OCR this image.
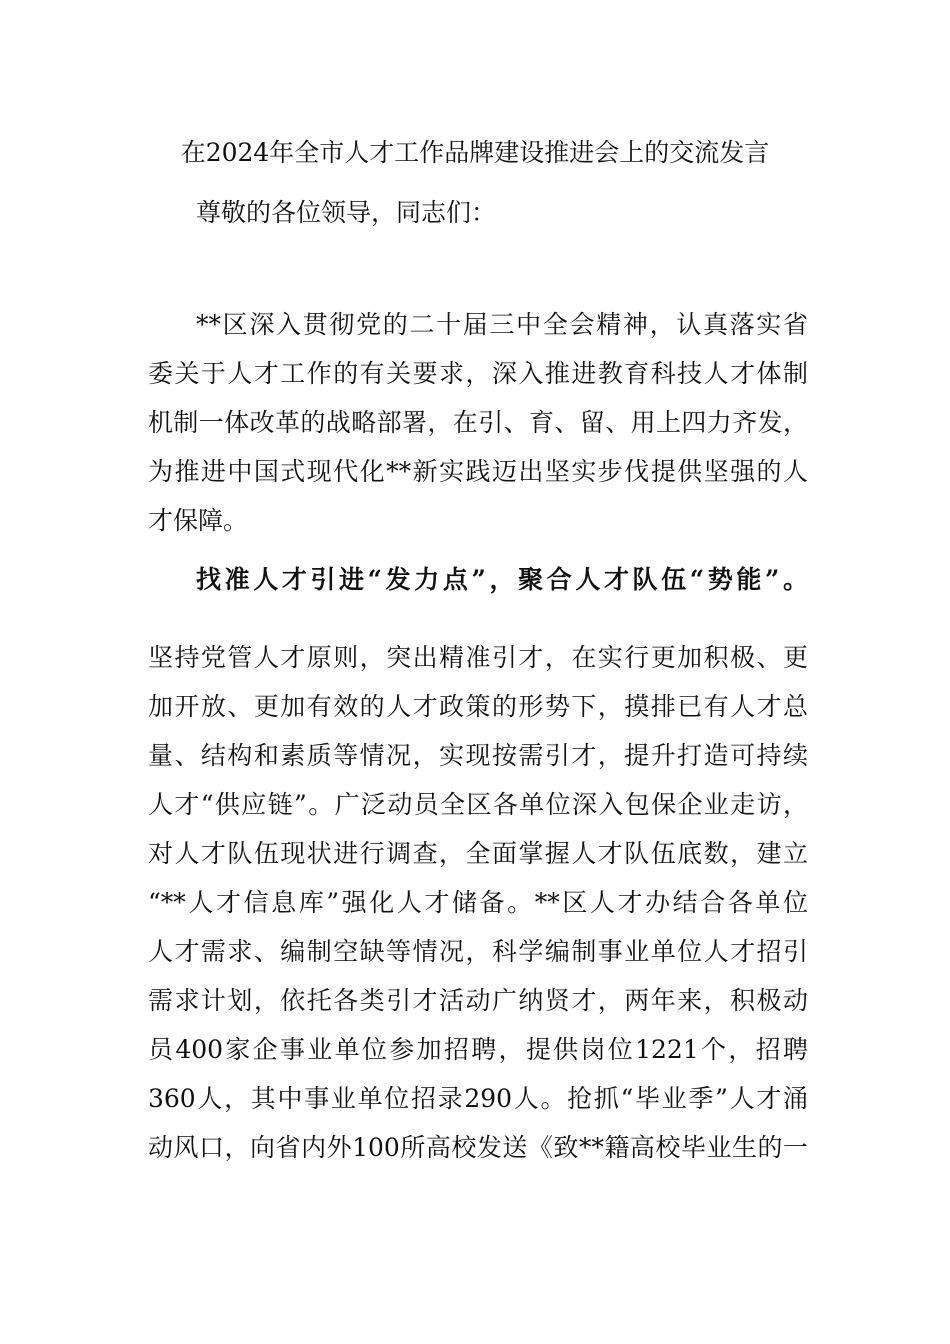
在2024年全市人才工作品牌建设推进会上的交流发言
尊敬的各位领导，同志们：
**区深入贯彻党的二十届三中全会精神，认真落实省
委关于人才工作的有关要求，深入推进教育科技人才体制
机制一体改革的战略部署，在引、育、留、用上四力齐发，
为推进中国式现代化**新实践迈出坚实步伐提供坚强的人
才保障。
找准人才引进“发力点”，聚合人才队伍“势能”。
坚持党管人才原则，突出精准引才，在实行更加积极、更
加开放、更加有效的人才政策的形势下，摸排已有人才总
量、结构和素质等情况，实现按需引才，提升打造可持续
人才“供应链”。广泛动员全区各单位深入包保企业走访，
对人才队伍现状进行调查，全面掌握人才队伍底数，建立
“**人才信息库”强化人才储备。**区人才办结合各单位
人才需求、编制空缺等情况，科学编制事业单位人才招引
需求计划，依托各类引才活动广纳贤才，两年来，积极动
员400家企事业单位参加招聘，提供岗位1221个，招聘
360人，其中事业单位招录290人。抢抓“毕业季”人才涌
动风口，向省内外100所高校发送《致**籍高校毕业生的一
